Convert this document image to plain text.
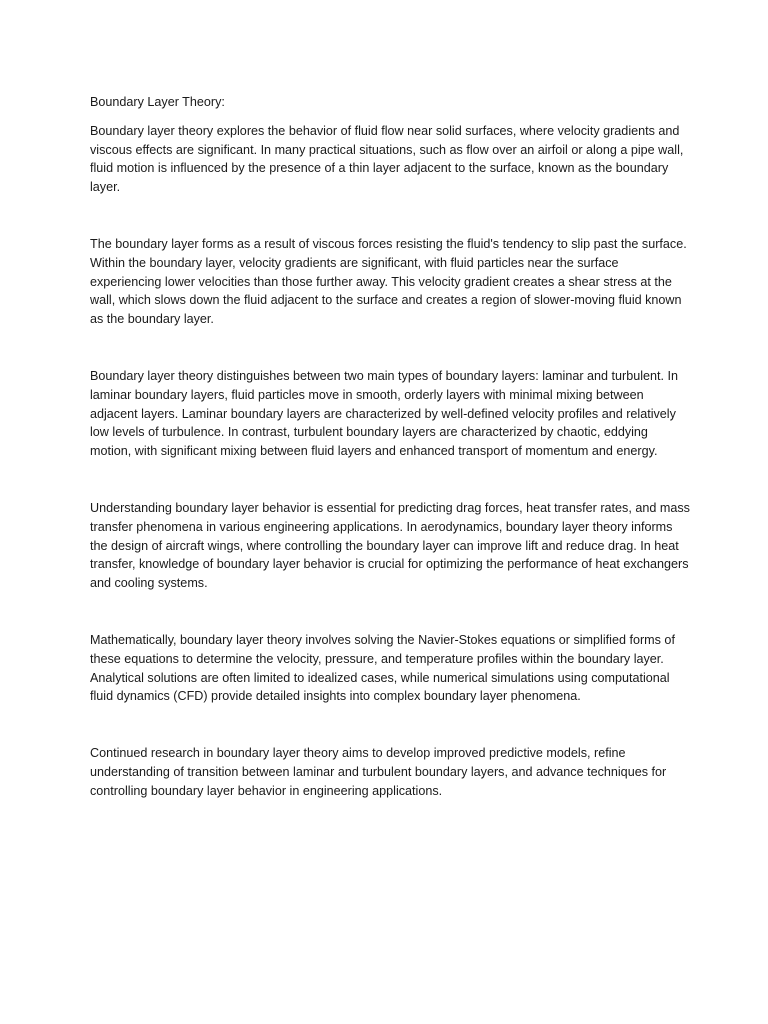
Boundary Layer Theory:

Boundary layer theory explores the behavior of fluid flow near solid surfaces, where velocity gradients and viscous effects are significant. In many practical situations, such as flow over an airfoil or along a pipe wall, fluid motion is influenced by the presence of a thin layer adjacent to the surface, known as the boundary layer.

The boundary layer forms as a result of viscous forces resisting the fluid's tendency to slip past the surface. Within the boundary layer, velocity gradients are significant, with fluid particles near the surface experiencing lower velocities than those further away. This velocity gradient creates a shear stress at the wall, which slows down the fluid adjacent to the surface and creates a region of slower-moving fluid known as the boundary layer.

Boundary layer theory distinguishes between two main types of boundary layers: laminar and turbulent. In laminar boundary layers, fluid particles move in smooth, orderly layers with minimal mixing between adjacent layers. Laminar boundary layers are characterized by well-defined velocity profiles and relatively low levels of turbulence. In contrast, turbulent boundary layers are characterized by chaotic, eddying motion, with significant mixing between fluid layers and enhanced transport of momentum and energy.

Understanding boundary layer behavior is essential for predicting drag forces, heat transfer rates, and mass transfer phenomena in various engineering applications. In aerodynamics, boundary layer theory informs the design of aircraft wings, where controlling the boundary layer can improve lift and reduce drag. In heat transfer, knowledge of boundary layer behavior is crucial for optimizing the performance of heat exchangers and cooling systems.

Mathematically, boundary layer theory involves solving the Navier-Stokes equations or simplified forms of these equations to determine the velocity, pressure, and temperature profiles within the boundary layer. Analytical solutions are often limited to idealized cases, while numerical simulations using computational fluid dynamics (CFD) provide detailed insights into complex boundary layer phenomena.

Continued research in boundary layer theory aims to develop improved predictive models, refine understanding of transition between laminar and turbulent boundary layers, and advance techniques for controlling boundary layer behavior in engineering applications.
